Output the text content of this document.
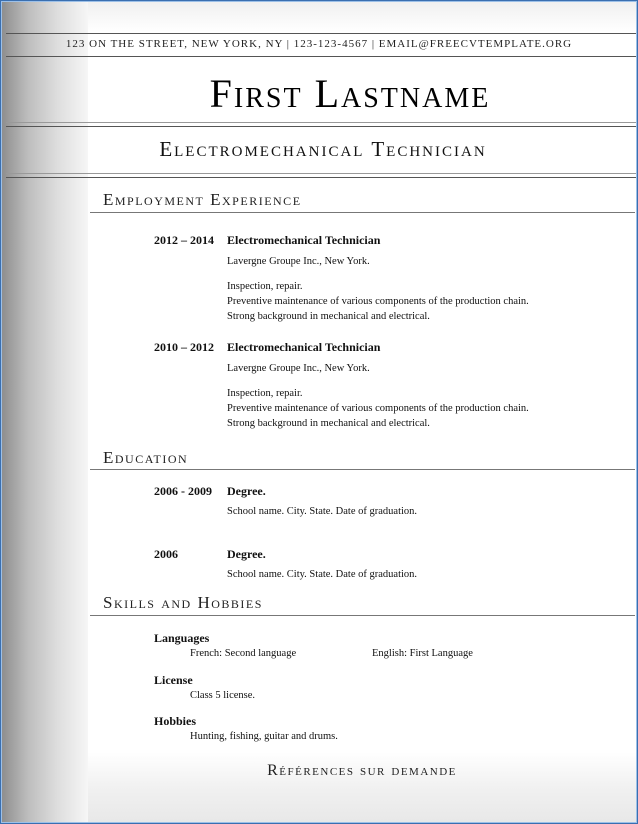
123 ON THE STREET, NEW YORK, NY | 123-123-4567 | EMAIL@FREECVTEMPLATE.ORG
First Lastname
Electromechanical Technician
Employment Experience
2012 – 2014 Electromechanical Technician
Lavergne Groupe Inc., New York.
Inspection, repair.
Preventive maintenance of various components of the production chain.
Strong background in mechanical and electrical.
2010 – 2012 Electromechanical Technician
Lavergne Groupe Inc., New York.
Inspection, repair.
Preventive maintenance of various components of the production chain.
Strong background in mechanical and electrical.
Education
2006 - 2009 Degree.
School name. City. State. Date of graduation.
2006	Degree.
School name. City. State. Date of graduation.
Skills and Hobbies
Languages
French: Second language	English: First Language
License
Class 5 license.
Hobbies
Hunting, fishing, guitar and drums.
Références sur demande
